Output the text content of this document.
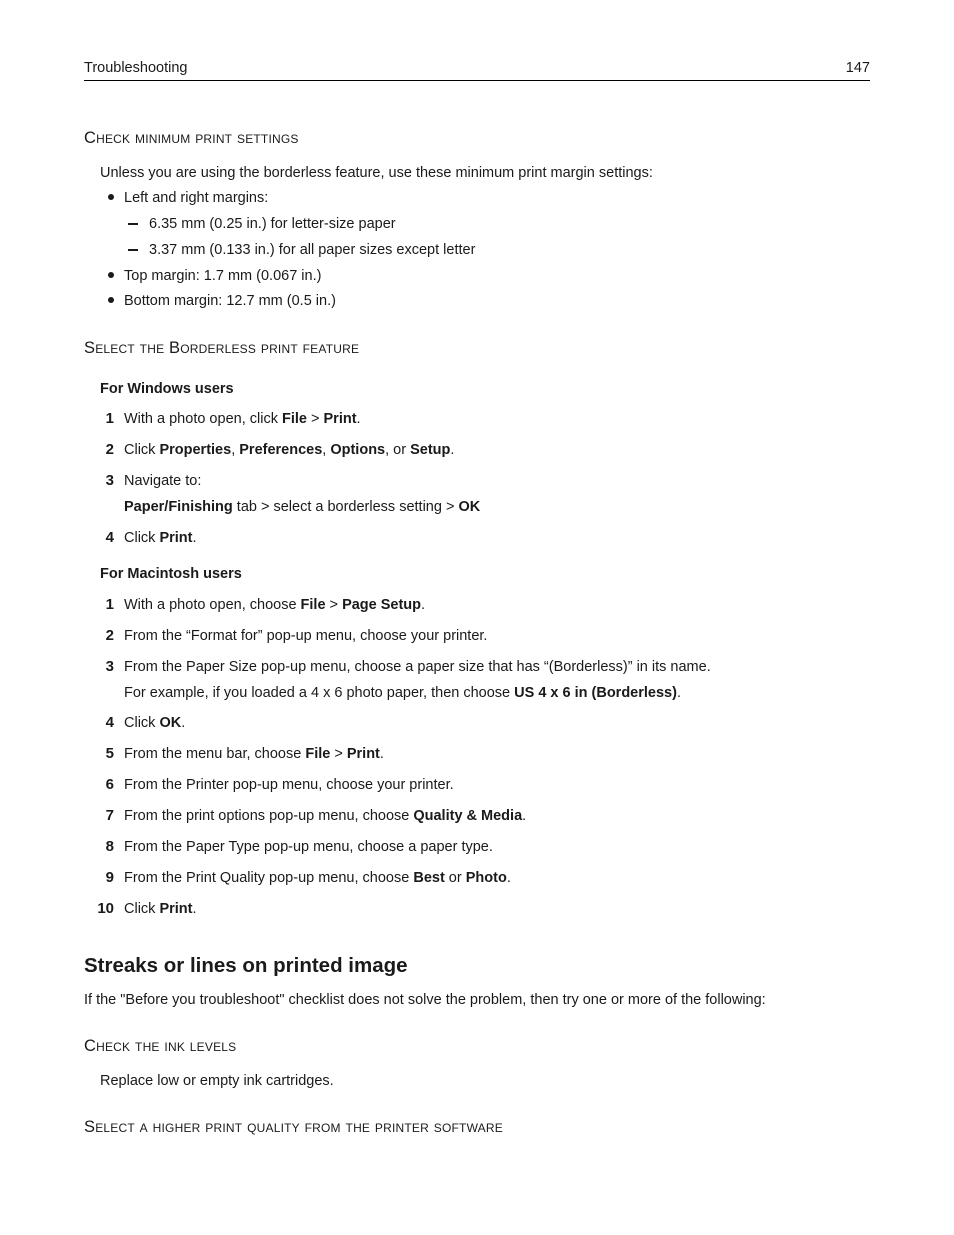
Troubleshooting	147
Check minimum print settings
Unless you are using the borderless feature, use these minimum print margin settings:
Left and right margins:
6.35 mm (0.25 in.) for letter-size paper
3.37 mm (0.133 in.) for all paper sizes except letter
Top margin: 1.7 mm (0.067 in.)
Bottom margin: 12.7 mm (0.5 in.)
Select the Borderless print feature
For Windows users
1 With a photo open, click File > Print.
2 Click Properties, Preferences, Options, or Setup.
3 Navigate to:
Paper/Finishing tab > select a borderless setting > OK
4 Click Print.
For Macintosh users
1 With a photo open, choose File > Page Setup.
2 From the “Format for” pop-up menu, choose your printer.
3 From the Paper Size pop-up menu, choose a paper size that has “(Borderless)” in its name.
For example, if you loaded a 4 x 6 photo paper, then choose US 4 x 6 in (Borderless).
4 Click OK.
5 From the menu bar, choose File > Print.
6 From the Printer pop-up menu, choose your printer.
7 From the print options pop-up menu, choose Quality & Media.
8 From the Paper Type pop-up menu, choose a paper type.
9 From the Print Quality pop-up menu, choose Best or Photo.
10 Click Print.
Streaks or lines on printed image
If the "Before you troubleshoot" checklist does not solve the problem, then try one or more of the following:
Check the ink levels
Replace low or empty ink cartridges.
Select a higher print quality from the printer software
